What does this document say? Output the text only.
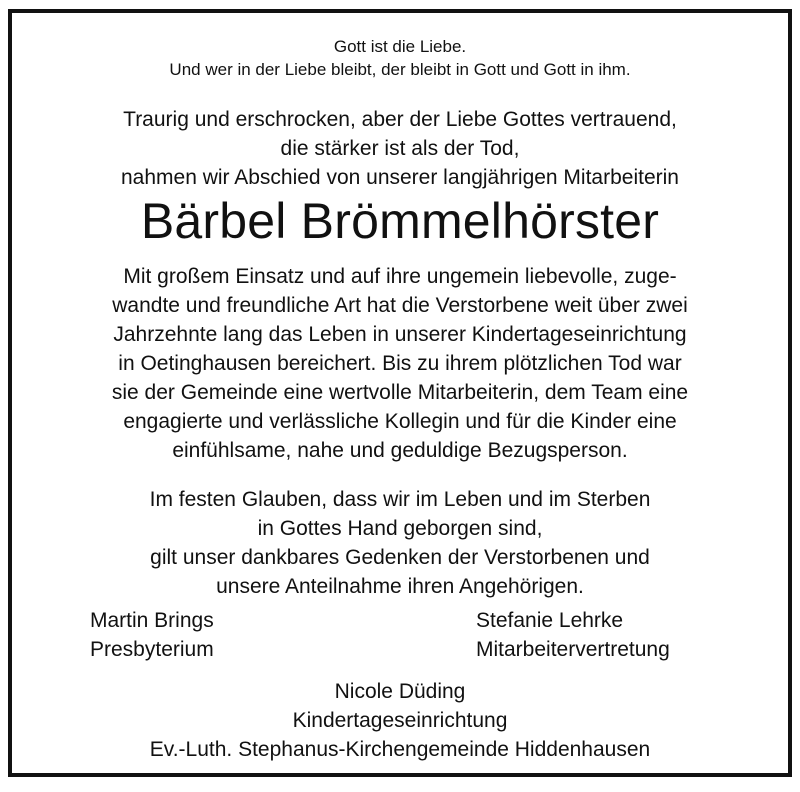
Gott ist die Liebe.
Und wer in der Liebe bleibt, der bleibt in Gott und Gott in ihm.
Traurig und erschrocken, aber der Liebe Gottes vertrauend,
die stärker ist als der Tod,
nahmen wir Abschied von unserer langjährigen Mitarbeiterin
Bärbel Brömmelhörster
Mit großem Einsatz und auf ihre ungemein liebevolle, zuge-
wandte und freundliche Art hat die Verstorbene weit über zwei
Jahrzehnte lang das Leben in unserer Kindertageseinrichtung
in Oetinghausen bereichert. Bis zu ihrem plötzlichen Tod war
sie der Gemeinde eine wertvolle Mitarbeiterin, dem Team eine
engagierte und verlässliche Kollegin und für die Kinder eine
einfühlsame, nahe und geduldige Bezugsperson.
Im festen Glauben, dass wir im Leben und im Sterben
in Gottes Hand geborgen sind,
gilt unser dankbares Gedenken der Verstorbenen und
unsere Anteilnahme ihren Angehörigen.
Martin Brings
Presbyterium
Stefanie Lehrke
Mitarbeitervertretung
Nicole Düding
Kindertageseinrichtung
Ev.-Luth. Stephanus-Kirchengemeinde Hiddenhausen
